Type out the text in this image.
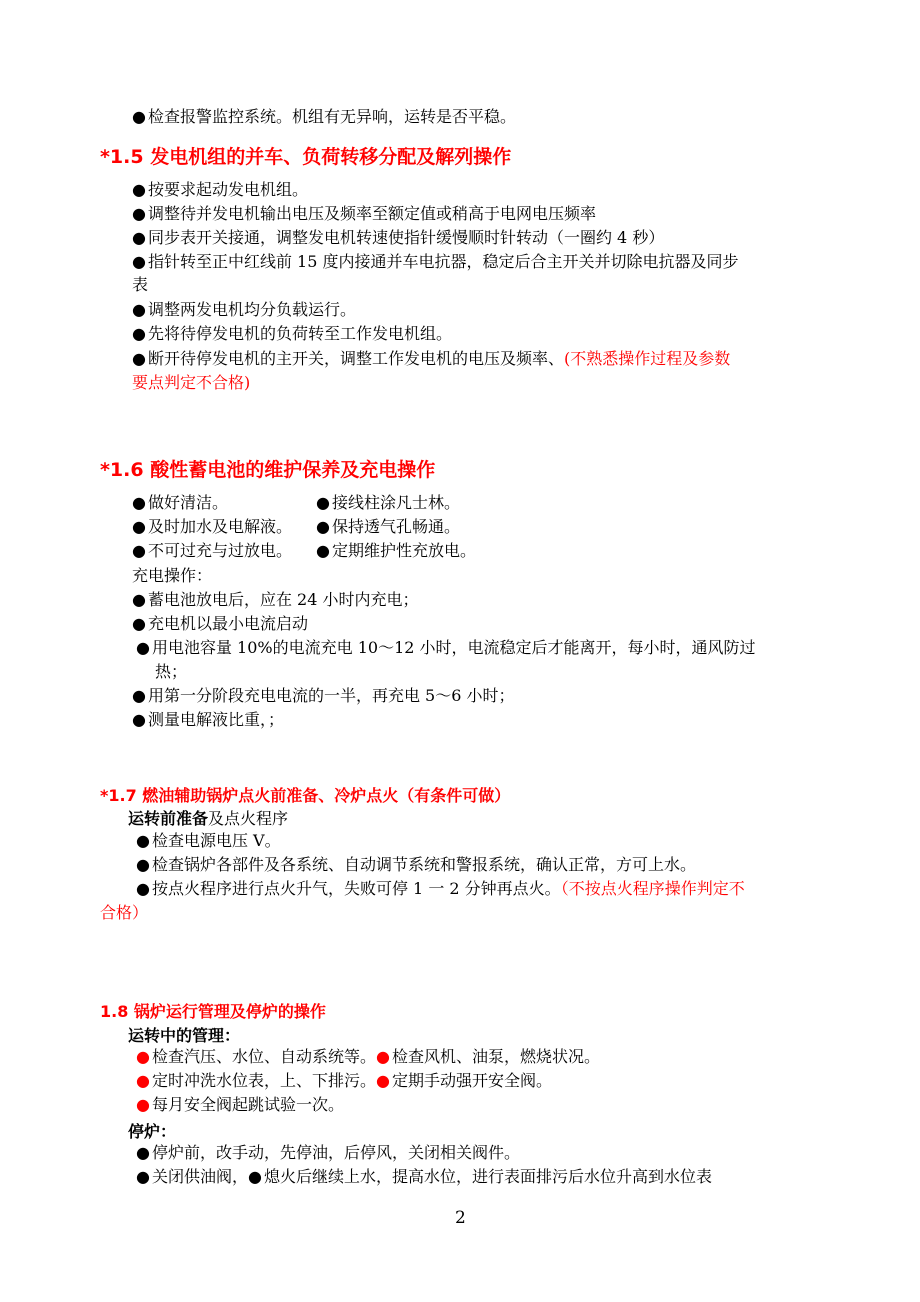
● 检查报警监控系统。机组有无异响，运转是否平稳。
*1.5 发电机组的并车、负荷转移分配及解列操作
● 按要求起动发电机组。
● 调整待并发电机输出电压及频率至额定值或稍高于电网电压频率
● 同步表开关接通，调整发电机转速使指针缓慢顺时针转动（一圈约 4 秒）
● 指针转至正中红线前 15 度内接通并车电抗器，稳定后合主开关并切除电抗器及同步
表
● 调整两发电机均分负载运行。
● 先将待停发电机的负荷转至工作发电机组。
● 断开待停发电机的主开关，调整工作发电机的电压及频率、(不熟悉操作过程及参数
要点判定不合格)
*1.6 酸性蓄电池的维护保养及充电操作
● 做好清洁。	● 接线柱涂凡士林。
● 及时加水及电解液。 ● 保持透气孔畅通。
● 不可过充与过放电。 ● 定期维护性充放电。
充电操作：
● 蓄电池放电后，应在 24 小时内充电；
● 充电机以最小电流启动
● 用电池容量 10%的电流充电 10～12 小时，电流稳定后才能离开，每小时，通风防过
热；
● 用第一分阶段充电电流的一半，再充电 5～6 小时；
● 测量电解液比重，；
*1.7 燃油辅助锅炉点火前准备、冷炉点火（有条件可做）
运转前准备及点火程序
● 检查电源电压 V。
● 检查锅炉各部件及各系统、自动调节系统和警报系统，确认正常，方可上水。
● 按点火程序进行点火升气，失败可停 1 一 2 分钟再点火。（不按点火程序操作判定不
合格）
1.8 锅炉运行管理及停炉的操作
运转中的管理：
● 检查汽压、水位、自动系统等。● 检查风机、油泵，燃烧状况。
● 定时冲洗水位表，上、下排污。● 定期手动强开安全阀。
● 每月安全阀起跳试验一次。
停炉：
● 停炉前，改手动，先停油，后停风，关闭相关阀件。
● 关闭供油阀，● 熄火后继续上水，提高水位，进行表面排污后水位升高到水位表
2
